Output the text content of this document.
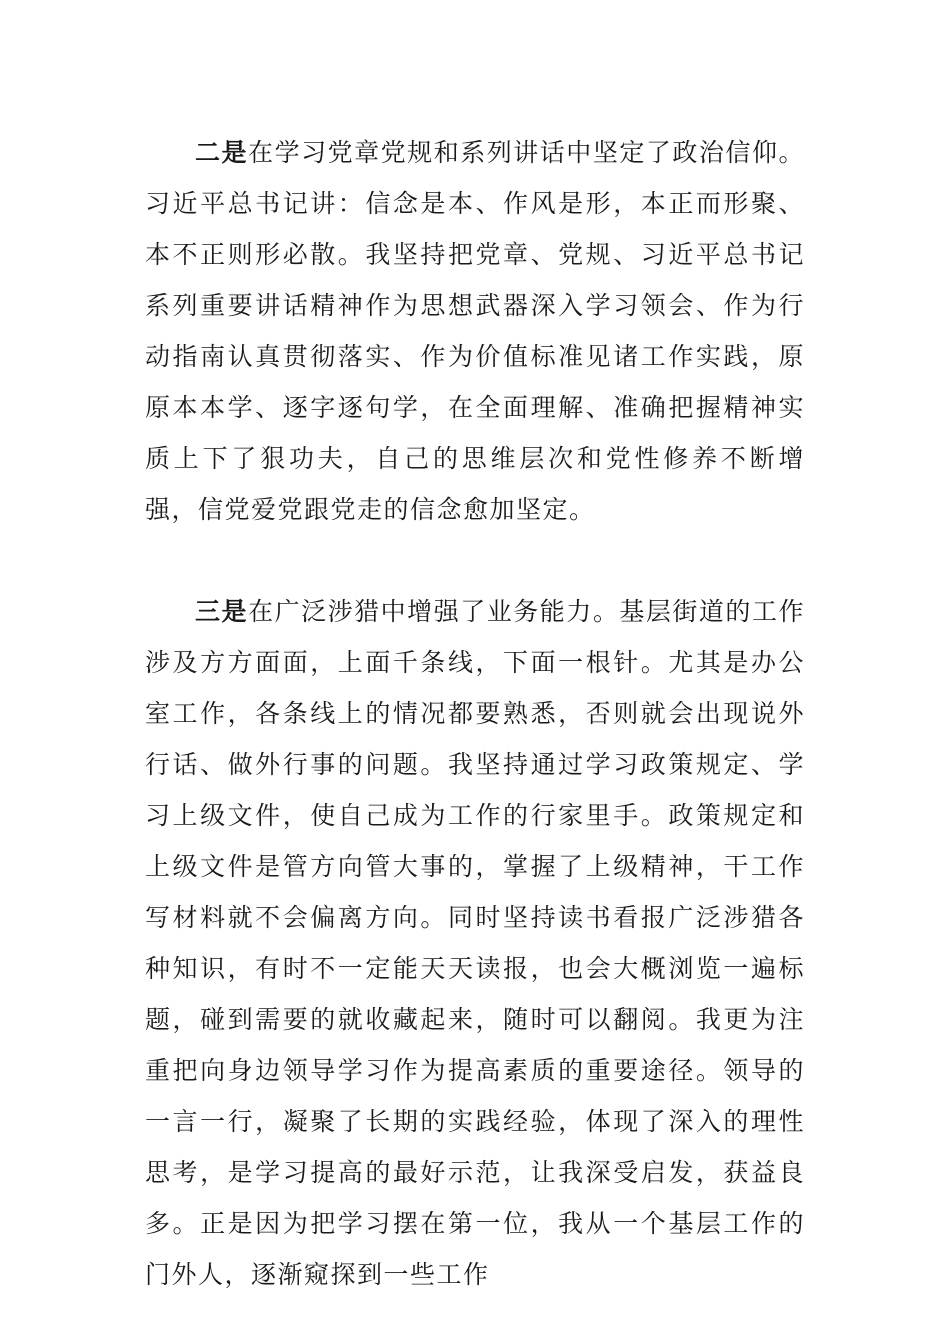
二是在学习党章党规和系列讲话中坚定了政治信仰。习近平总书记讲：信念是本、作风是形，本正而形聚、本不正则形必散。我坚持把党章、党规、习近平总书记系列重要讲话精神作为思想武器深入学习领会、作为行动指南认真贯彻落实、作为价值标准见诸工作实践，原原本本学、逐字逐句学，在全面理解、准确把握精神实质上下了狠功夫，自己的思维层次和党性修养不断增强，信党爱党跟党走的信念愈加坚定。

三是在广泛涉猎中增强了业务能力。基层街道的工作涉及方方面面，上面千条线，下面一根针。尤其是办公室工作，各条线上的情况都要熟悉，否则就会出现说外行话、做外行事的问题。我坚持通过学习政策规定、学习上级文件，使自己成为工作的行家里手。政策规定和上级文件是管方向管大事的，掌握了上级精神，干工作写材料就不会偏离方向。同时坚持读书看报广泛涉猎各种知识，有时不一定能天天读报，也会大概浏览一遍标题，碰到需要的就收藏起来，随时可以翻阅。我更为注重把向身边领导学习作为提高素质的重要途径。领导的一言一行，凝聚了长期的实践经验，体现了深入的理性思考，是学习提高的最好示范，让我深受启发，获益良多。正是因为把学习摆在第一位，我从一个基层工作的门外人，逐渐窥探到一些工作
